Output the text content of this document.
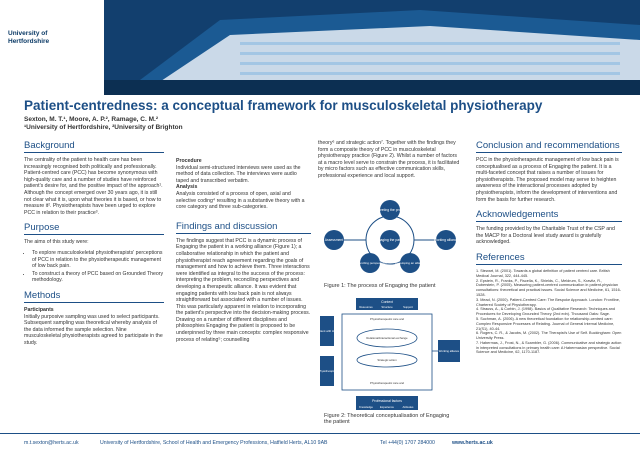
University of
Hertfordshire UH
Patient-centredness: a conceptual framework for musculoskeletal physiotherapy
Sexton, M. T.¹, Moore, A. P.², Ramage, C. M.²
¹University of Hertfordshire, ²University of Brighton
Background

The centrality of the patient to health care has been increasingly recognised both politically and professionally. Patient-centred care (PCC) has become synonymous with high-quality care and a number of studies have reinforced patient's desire for, and the positive impact of the approach¹. Although the concept emerged over 30 years ago, it is still not clear what it is, upon what theories it is based, or how to measure it². Physiotherapists have been urged to explore PCC in relation to their practice³.

Purpose

The aims of this study were:

• To explore musculoskeletal physiotherapists' perceptions of PCC in relation to the physiotherapeutic management of low back pain.
• To construct a theory of PCC based on Grounded Theory methodology.
Methods
Participants

Initially purposive sampling was used to select participants. Subsequent sampling was theoretical whereby analysis of the data informed the sample selection. Nine musculoskeletal physiotherapists agreed to participate in the study.

Procedure

Individual semi-structured interviews were used as the method of data collection. The interviews were audio taped and transcribed verbatim.

Analysis

Analysis consisted of a process of open, axial and selective coding⁴ resulting in a substantive theory with a core category and three sub-categories.

Findings and discussion

The findings suggest that PCC is a dynamic process of Engaging the patient in a working alliance (Figure 1); a collaborative relationship in which the patient and physiotherapist reach agreement regarding the goals of management and how to achieve them. Three interactions were identified as integral to the success of the process: interpreting the problem, reconciling perspectives and developing a therapeutic alliance. It was evident that engaging patients with low back pain is not always straightforward but associated with a number of issues. This was particularly apparent in relation to incorporating the patient's perspective into the decision-making process. Drawing on a number of different disciplines and philosophies Engaging the patient is proposed to be underpinned by three main concepts: complex responsive process of relating⁵; counselling

theory⁶ and strategic action⁷. Together with the findings they form a composite theory of PCC in musculoskeletal physiotherapy practice (Figure 2). Whilst a number of factors at a macro level serve to constrain the process, it is facilitated by micro factors such as effective communication skills, professional experience and local support.

Interpreting the problem
Engaging the patient
Reconciling perspectives	Developing an alliance
Assessment	Working alliance
Figure 1: The process of Engaging the patient
Context
Resources	Structure	Support
Patient with LBP
Physiotherapist
Physiotherapeutic care and
Relational/interactional exchange
Strategic action
Physiotherapeutic care and
Working alliance
Professional factors
Knowledge	Experience	Attitudes
Figure 2: Theoretical conceptualisation of Engaging the patient
Conclusion and recommendations

PCC in the physiotherapeutic management of low back pain is conceptualised as a process of Engaging the patient. It is a multi-faceted concept that raises a number of issues for physiotherapists. The proposed model may serve to heighten awareness of the interactional processes adopted by physiotherapists, inform the development of interventions and form the basis for further research.

Acknowledgements

The funding provided by the Charitable Trust of the CSP and the MACP for a Doctoral level study award is gratefully acknowledged.

References
1. Stewart, M. (2001). Towards a global definition of patient centred care. British Medical Journal, 322, 444-445.
2. Epstein, R., Franks, P., Fiscella, K., Shields, C., Meldrum, S., Kravitz, R., Duberstein, P. (2005). Measuring patient-centred communication in patient-physician consultations: theoretical and practical issues. Social Science and Medicine, 61, 1516-1528.
3. Mead, N. (2000). Patient-Centred Care: The Bespoke Approach. London: Frontline, Chartered Society of Physiotherapy.
4. Strauss, A., & Corbin, J. (1998). Basics of Qualitative Research: Techniques and Procedures for Developing Grounded Theory (2nd edn). Thousand Oaks: Sage.
5. Suchman, A. (2006). A new theoretical foundation for relationship-centred care: Complex Responsive Processes of Relating. Journal of General Internal Medicine, 21(S1), 40-44.
6. Rogers, C. R., & Jacobs, M. (2002). The Therapist's Use of Self. Buckingham: Open University Press.
7. Habermas, J., Frost, N., & Scambler, G. (2006). Communicative and strategic action in interpreted consultations in primary health care: A Habermasian perspective. Social Science and Medicine, 62, 1170-1187.
m.t.sexton@herts.ac.uk	University of Hertfordshire, School of Health and Emergency Professions, Hatfield Herts, AL10 9AB	Tel +44(0) 1707 284000	www.herts.ac.uk
